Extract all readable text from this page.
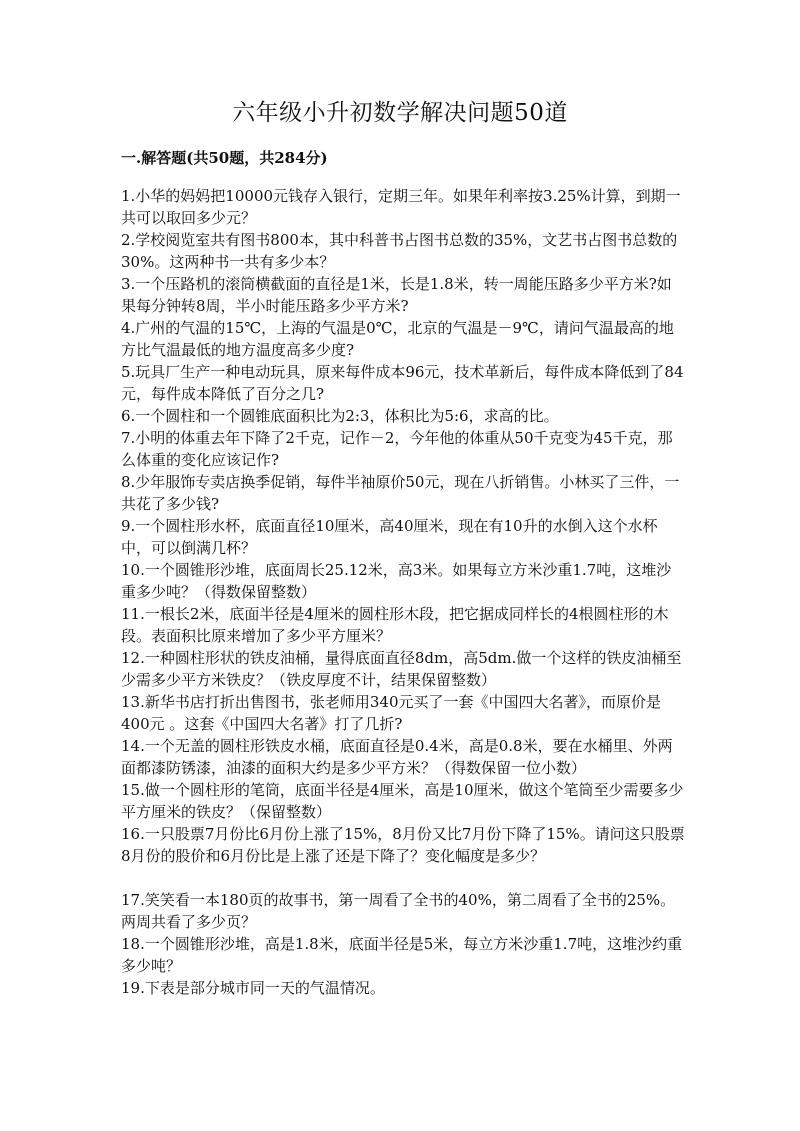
六年级小升初数学解决问题50道
一.解答题(共50题，共284分)

1.小华的妈妈把10000元钱存入银行，定期三年。如果年利率按3.25%计算，到期一共可以取回多少元？

2.学校阅览室共有图书800本，其中科普书占图书总数的35%，文艺书占图书总数的30%。这两种书一共有多少本？

3.一个压路机的滚筒横截面的直径是1米，长是1.8米，转一周能压路多少平方米?如果每分钟转8周，半小时能压路多少平方米?

4.广州的气温的15℃，上海的气温是0℃，北京的气温是－9℃，请问气温最高的地方比气温最低的地方温度高多少度?

5.玩具厂生产一种电动玩具，原来每件成本96元，技术革新后，每件成本降低到了84元，每件成本降低了百分之几?

6.一个圆柱和一个圆锥底面积比为2:3，体积比为5:6，求高的比。

7.小明的体重去年下降了2千克，记作－2，今年他的体重从50千克变为45千克，那么体重的变化应该记作?

8.少年服饰专卖店换季促销，每件半袖原价50元，现在八折销售。小林买了三件，一共花了多少钱?

9.一个圆柱形水杯，底面直径10厘米，高40厘米，现在有10升的水倒入这个水杯中，可以倒满几杯？

10.一个圆锥形沙堆，底面周长25.12米，高3米。如果每立方米沙重1.7吨，这堆沙重多少吨？（得数保留整数）

11.一根长2米，底面半径是4厘米的圆柱形木段，把它据成同样长的4根圆柱形的木段。表面积比原来增加了多少平方厘米？

12.一种圆柱形状的铁皮油桶，量得底面直径8dm，高5dm.做一个这样的铁皮油桶至少需多少平方米铁皮？（铁皮厚度不计，结果保留整数）

13.新华书店打折出售图书，张老师用340元买了一套《中国四大名著》，而原价是400元 。这套《中国四大名著》打了几折?

14.一个无盖的圆柱形铁皮水桶，底面直径是0.4米，高是0.8米，要在水桶里、外两面都漆防锈漆，油漆的面积大约是多少平方米？（得数保留一位小数）

15.做一个圆柱形的笔筒，底面半径是4厘米，高是10厘米，做这个笔筒至少需要多少平方厘米的铁皮？（保留整数）

16.一只股票7月份比6月份上涨了15%，8月份又比7月份下降了15%。请问这只股票8月份的股价和6月份比是上涨了还是下降了？变化幅度是多少？

17.笑笑看一本180页的故事书，第一周看了全书的40%，第二周看了全书的25%。两周共看了多少页？

18.一个圆锥形沙堆，高是1.8米，底面半径是5米，每立方米沙重1.7吨，这堆沙约重多少吨？

19.下表是部分城市同一天的气温情况。
